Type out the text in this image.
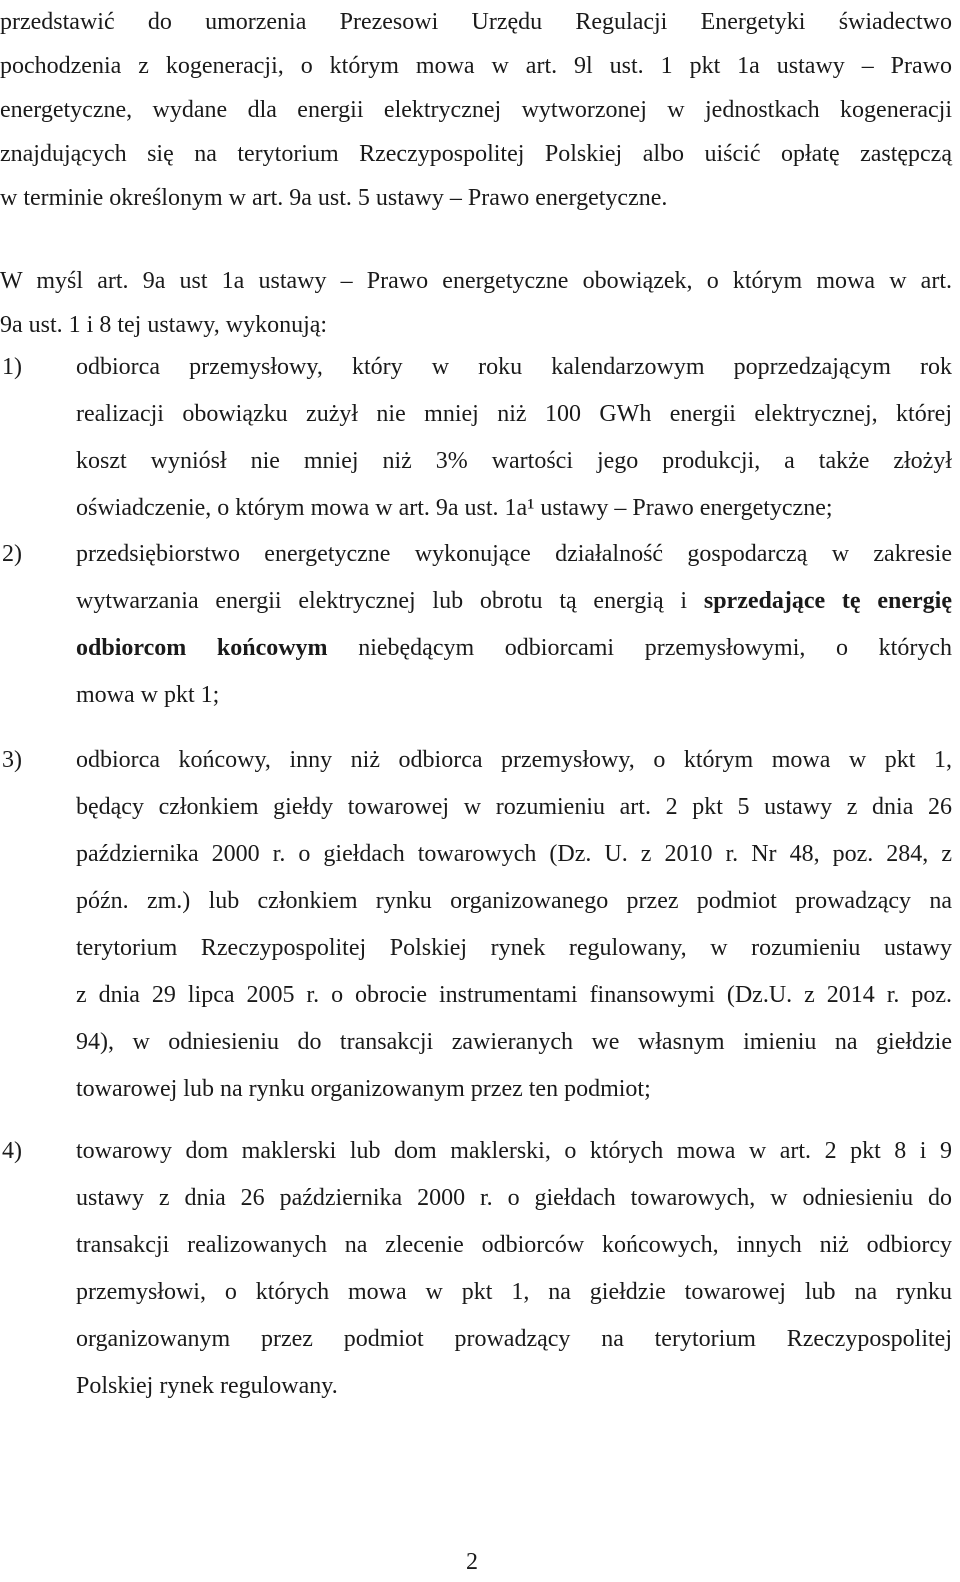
przedstawić do umorzenia Prezesowi Urzędu Regulacji Energetyki świadectwo
pochodzenia z kogeneracji, o którym mowa w art. 9l ust. 1 pkt 1a ustawy – Prawo
energetyczne, wydane dla energii elektrycznej wytworzonej w jednostkach kogeneracji
znajdujących się na terytorium Rzeczypospolitej Polskiej albo uiścić opłatę zastępczą
w terminie określonym w art. 9a ust. 5 ustawy – Prawo energetyczne.
W myśl art. 9a ust 1a ustawy – Prawo energetyczne obowiązek, o którym mowa w art.
9a ust. 1 i 8 tej ustawy, wykonują:
1) odbiorca przemysłowy, który w roku kalendarzowym poprzedzającym rok
realizacji obowiązku zużył nie mniej niż 100 GWh energii elektrycznej, której
koszt wyniósł nie mniej niż 3% wartości jego produkcji, a także złożył
oświadczenie, o którym mowa w art. 9a ust. 1a¹ ustawy – Prawo energetyczne;
2) przedsiębiorstwo energetyczne wykonujące działalność gospodarczą w zakresie
wytwarzania energii elektrycznej lub obrotu tą energią i sprzedające tę energię
odbiorcom końcowym niebędącym odbiorcami przemysłowymi, o których
mowa w pkt 1;
3) odbiorca końcowy, inny niż odbiorca przemysłowy, o którym mowa w pkt 1,
będący członkiem giełdy towarowej w rozumieniu art. 2 pkt 5 ustawy z dnia 26
października 2000 r. o giełdach towarowych (Dz. U. z 2010 r. Nr 48, poz. 284, z
późn. zm.) lub członkiem rynku organizowanego przez podmiot prowadzący na
terytorium Rzeczypospolitej Polskiej rynek regulowany, w rozumieniu ustawy
z dnia 29 lipca 2005 r. o obrocie instrumentami finansowymi (Dz.U. z 2014 r. poz.
94), w odniesieniu do transakcji zawieranych we własnym imieniu na giełdzie
towarowej lub na rynku organizowanym przez ten podmiot;
4) towarowy dom maklerski lub dom maklerski, o których mowa w art. 2 pkt 8 i 9
ustawy z dnia 26 października 2000 r. o giełdach towarowych, w odniesieniu do
transakcji realizowanych na zlecenie odbiorców końcowych, innych niż odbiorcy
przemysłowi, o których mowa w pkt 1, na giełdzie towarowej lub na rynku
organizowanym przez podmiot prowadzący na terytorium Rzeczypospolitej
Polskiej rynek regulowany.
2
